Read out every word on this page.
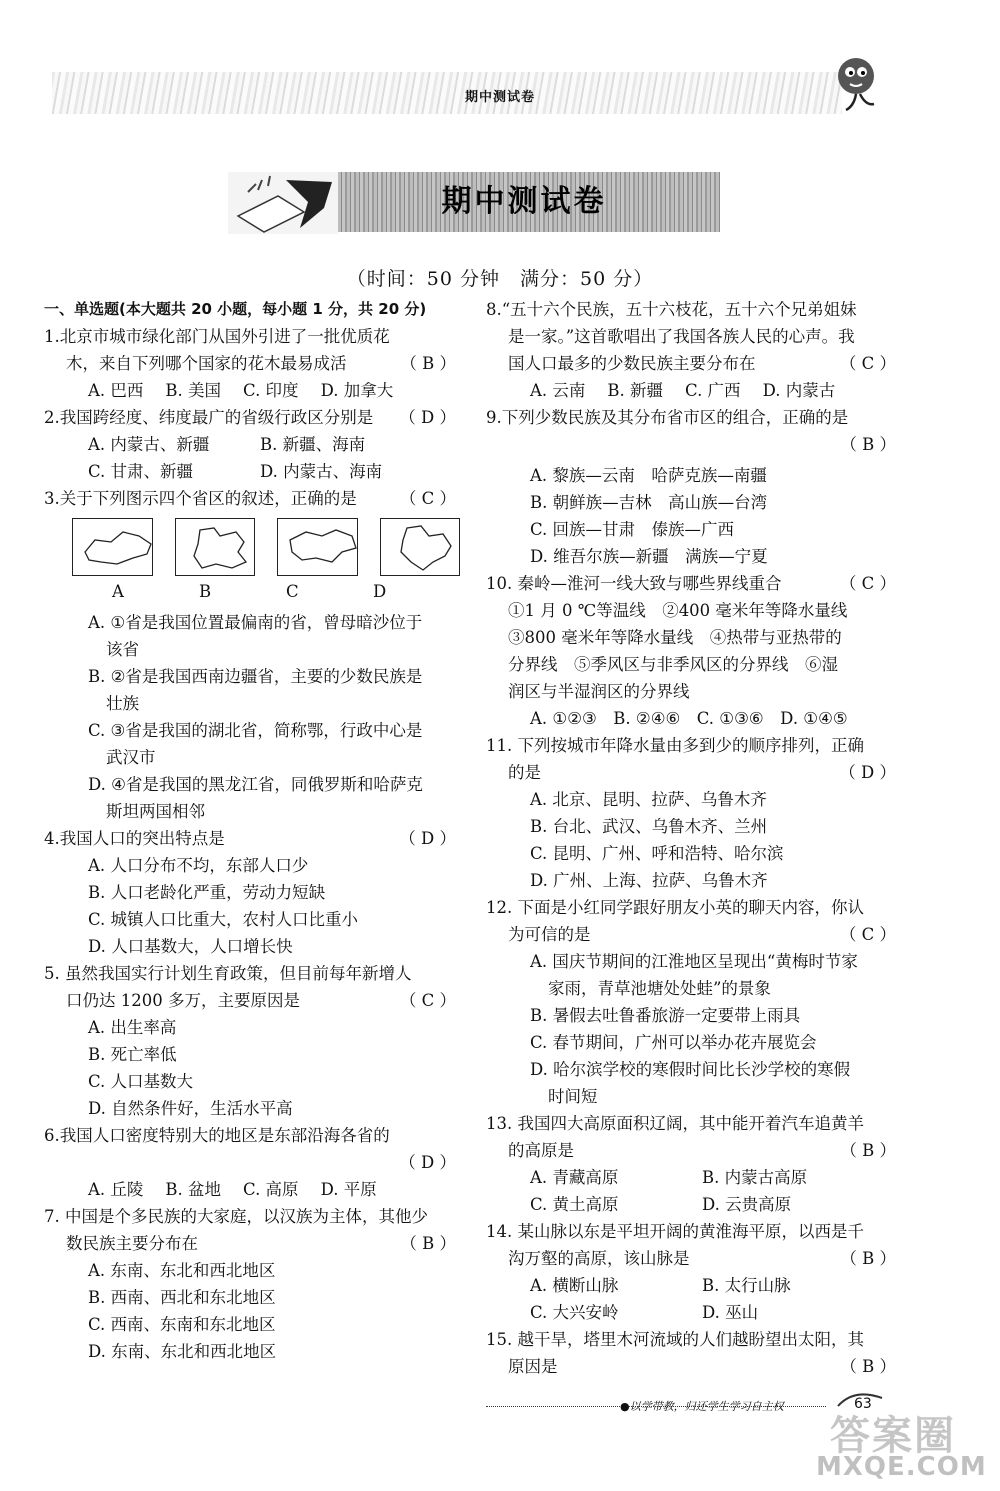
期中测试卷
期中测试卷
（时间：50 分钟　满分：50 分）

一、单选题(本大题共 20 小题，每小题 1 分，共 20 分)

1.北京市城市绿化部门从国外引进了一批优质花

木，来自下列哪个国家的花木最易成活	（ B ）

A. 巴西 B. 美国 C. 印度 D. 加拿大

2.我国跨经度、纬度最广的省级行政区分别是 （ D ）

A. 内蒙古、新疆	B. 新疆、海南
C. 甘肃、新疆	D. 内蒙古、海南

3.关于下列图示四个省区的叙述，正确的是	（ C ）

A	B	C	D

A. ①省是我国位置最偏南的省，曾母暗沙位于

该省

B. ②省是我国西南边疆省，主要的少数民族是

壮族

C. ③省是我国的湖北省，简称鄂，行政中心是

武汉市

D. ④省是我国的黑龙江省，同俄罗斯和哈萨克

斯坦两国相邻

4.我国人口的突出特点是	（ D ）

A. 人口分布不均，东部人口少

B. 人口老龄化严重，劳动力短缺

C. 城镇人口比重大，农村人口比重小

D. 人口基数大，人口增长快

5. 虽然我国实行计划生育政策，但目前每年新增人

口仍达 1200 多万，主要原因是	（ C ）

A. 出生率高

B. 死亡率低

C. 人口基数大

D. 自然条件好，生活水平高

6.我国人口密度特别大的地区是东部沿海各省的

（ D ）

A. 丘陵 B. 盆地 C. 高原 D. 平原

7. 中国是个多民族的大家庭，以汉族为主体，其他少

数民族主要分布在	（ B ）

A. 东南、东北和西北地区

B. 西南、西北和东北地区

C. 西南、东南和东北地区

D. 东南、东北和西北地区

8.“五十六个民族，五十六枝花，五十六个兄弟姐妹

是一家。”这首歌唱出了我国各族人民的心声。我

国人口最多的少数民族主要分布在	（ C ）

A. 云南 B. 新疆 C. 广西 D. 内蒙古

9.下列少数民族及其分布省市区的组合，正确的是

（ B ）

A. 黎族—云南　哈萨克族—南疆

B. 朝鲜族—吉林　高山族—台湾

C. 回族—甘肃　傣族—广西

D. 维吾尔族—新疆　满族—宁夏

10. 秦岭—淮河一线大致与哪些界线重合	（ C ）

①1 月 0 ℃等温线　②400 毫米年等降水量线

③800 毫米年等降水量线　④热带与亚热带的

分界线　⑤季风区与非季风区的分界线　⑥湿

润区与半湿润区的分界线

A. ①②③　B. ②④⑥　C. ①③⑥　D. ①④⑤

11. 下列按城市年降水量由多到少的顺序排列，正确

的是	（ D ）

A. 北京、昆明、拉萨、乌鲁木齐

B. 台北、武汉、乌鲁木齐、兰州

C. 昆明、广州、呼和浩特、哈尔滨

D. 广州、上海、拉萨、乌鲁木齐

12. 下面是小红同学跟好朋友小英的聊天内容，你认

为可信的是	（ C ）

A. 国庆节期间的江淮地区呈现出“黄梅时节家

家雨，青草池塘处处蛙”的景象

B. 暑假去吐鲁番旅游一定要带上雨具

C. 春节期间，广州可以举办花卉展览会

D. 哈尔滨学校的寒假时间比长沙学校的寒假

时间短

13. 我国四大高原面积辽阔，其中能开着汽车追黄羊

的高原是	（ B ）

A. 青藏高原	B. 内蒙古高原
C. 黄土高原	D. 云贵高原

14. 某山脉以东是平坦开阔的黄淮海平原，以西是千

沟万壑的高原，该山脉是	（ B ）

A. 横断山脉	B. 太行山脉
C. 大兴安岭	D. 巫山

15. 越干旱，塔里木河流域的人们越盼望出太阳，其

原因是	（ B ）

●以学带教，归还学生学习自主权	63
答案圈
MXQE.COM
